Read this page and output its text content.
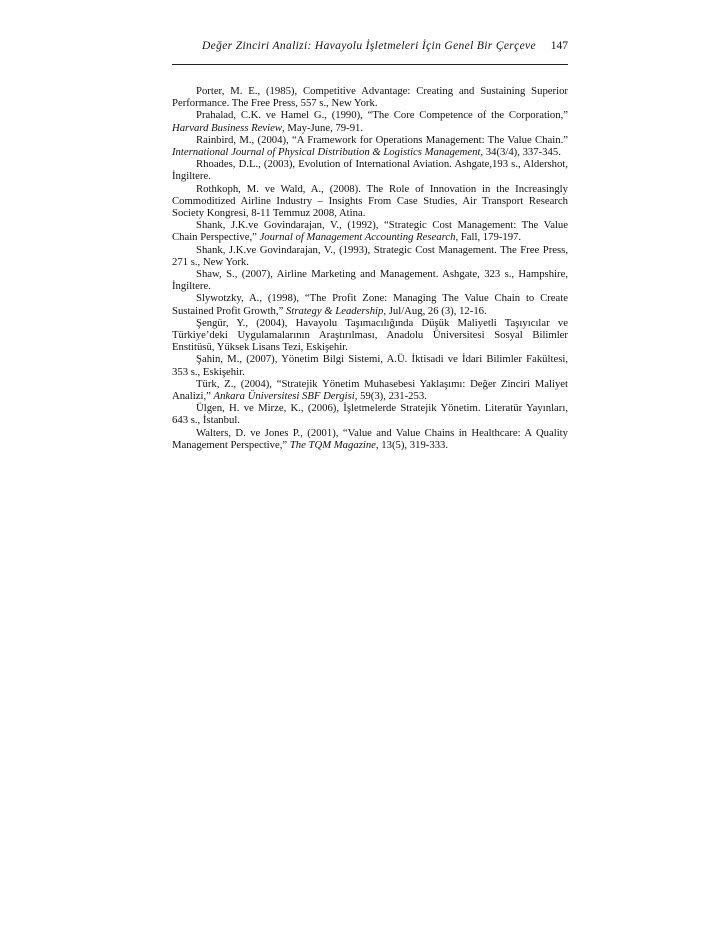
Değer Zinciri Analizi: Havayolu İşletmeleri İçin Genel Bir Çerçeve 147

Porter, M. E., (1985), Competitive Advantage: Creating and Sustaining Superior Performance. The Free Press, 557 s., New York.

Prahalad, C.K. ve Hamel G., (1990), “The Core Competence of the Corporation,” Harvard Business Review, May-June, 79-91.

Rainbird, M., (2004), “A Framework for Operations Management: The Value Chain.” International Journal of Physical Distribution & Logistics Management, 34(3/4), 337-345.

Rhoades, D.L., (2003), Evolution of International Aviation. Ashgate,193 s., Aldershot, İngiltere.

Rothkoph, M. ve Wald, A., (2008). The Role of Innovation in the Increasingly Commoditized Airline Industry – Insights From Case Studies, Air Transport Research Society Kongresi, 8-11 Temmuz 2008, Atina.

Shank, J.K.ve Govindarajan, V., (1992), “Strategic Cost Management: The Value Chain Perspective,” Journal of Management Accounting Research, Fall, 179-197.

Shank, J.K.ve Govindarajan, V., (1993), Strategic Cost Management. The Free Press, 271 s., New York.

Shaw, S., (2007), Airline Marketing and Management. Ashgate, 323 s., Hampshire, İngiltere.

Slywotzky, A., (1998), “The Profit Zone: Managing The Value Chain to Create Sustained Profit Growth,” Strategy & Leadership, Jul/Aug, 26 (3), 12-16.

Şengür, Y., (2004), Havayolu Taşımacılığında Düşük Maliyetli Taşıyıcılar ve Türkiye’deki Uygulamalarının Araştırılması, Anadolu Üniversitesi Sosyal Bilimler Enstitüsü, Yüksek Lisans Tezi, Eskişehir.

Şahin, M., (2007), Yönetim Bilgi Sistemi, A.Ü. İktisadi ve İdari Bilimler Fakültesi, 353 s., Eskişehir.

Türk, Z., (2004), “Stratejik Yönetim Muhasebesi Yaklaşımı: Değer Zinciri Maliyet Analizi,” Ankara Üniversitesi SBF Dergisi, 59(3), 231-253.

Ülgen, H. ve Mirze, K., (2006), İşletmelerde Stratejik Yönetim. Literatür Yayınları, 643 s., İstanbul.

Walters, D. ve Jones P., (2001), “Value and Value Chains in Healthcare: A Quality Management Perspective,” The TQM Magazine, 13(5), 319-333.
